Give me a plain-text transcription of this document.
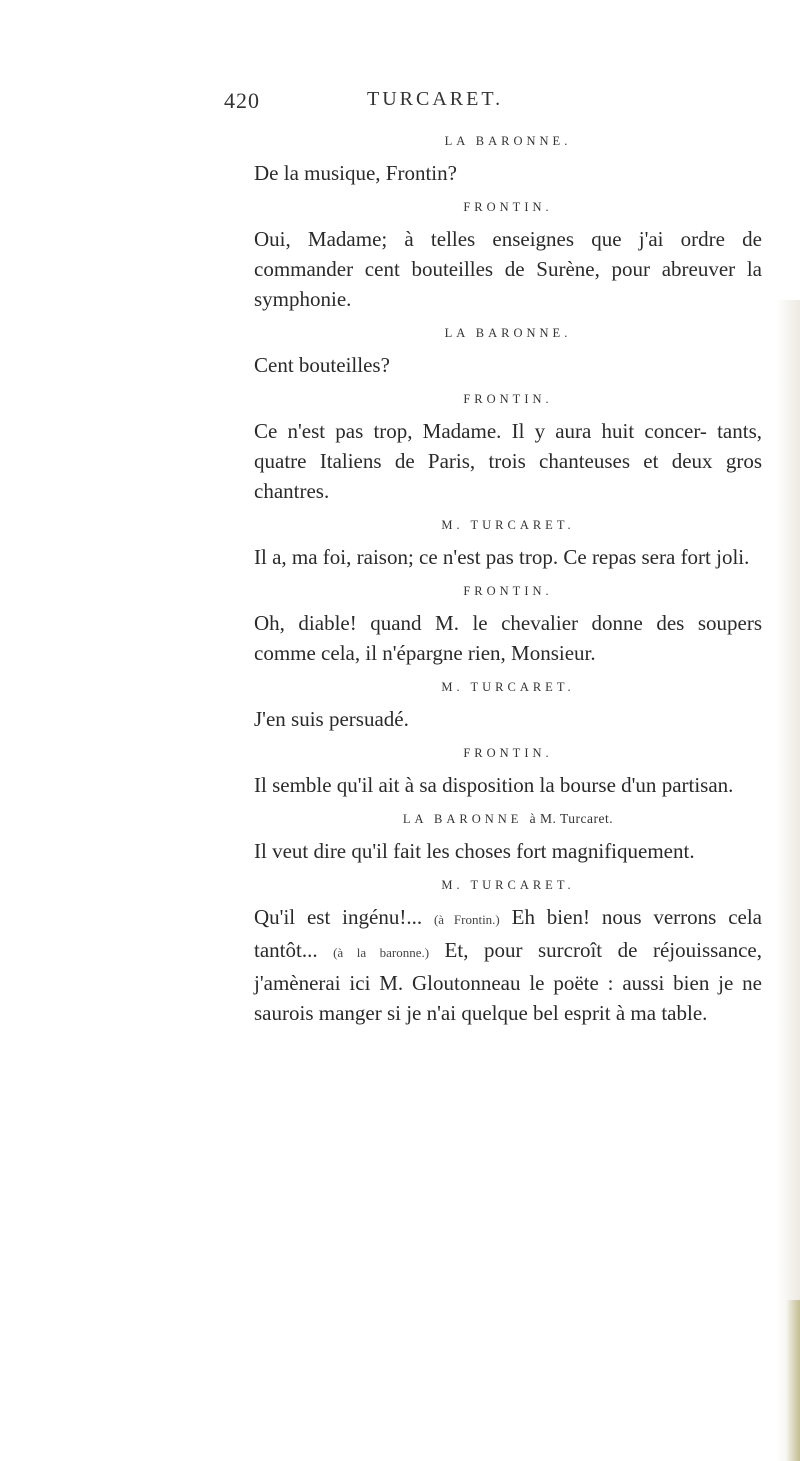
420	TURCARET.
LA BARONNE.

De la musique, Frontin?

FRONTIN.

Oui, Madame; à telles enseignes que j'ai ordre de commander cent bouteilles de Surène, pour abreuver la symphonie.

LA BARONNE.

Cent bouteilles?

FRONTIN.

Ce n'est pas trop, Madame. Il y aura huit concer- tants, quatre Italiens de Paris, trois chanteuses et deux gros chantres.

M. TURCARET.

Il a, ma foi, raison; ce n'est pas trop. Ce repas sera fort joli.

FRONTIN.

Oh, diable! quand M. le chevalier donne des soupers comme cela, il n'épargne rien, Monsieur.

M. TURCARET.

J'en suis persuadé.

FRONTIN.

Il semble qu'il ait à sa disposition la bourse d'un partisan.

LA BARONNE à M. Turcaret.

Il veut dire qu'il fait les choses fort magnifiquement.

M. TURCARET.

Qu'il est ingénu!... (à Frontin.) Eh bien! nous verrons cela tantôt... (à la baronne.) Et, pour surcroît de réjouissance, j'amènerai ici M. Gloutonneau le poëte : aussi bien je ne saurois manger si je n'ai quelque bel esprit à ma table.
